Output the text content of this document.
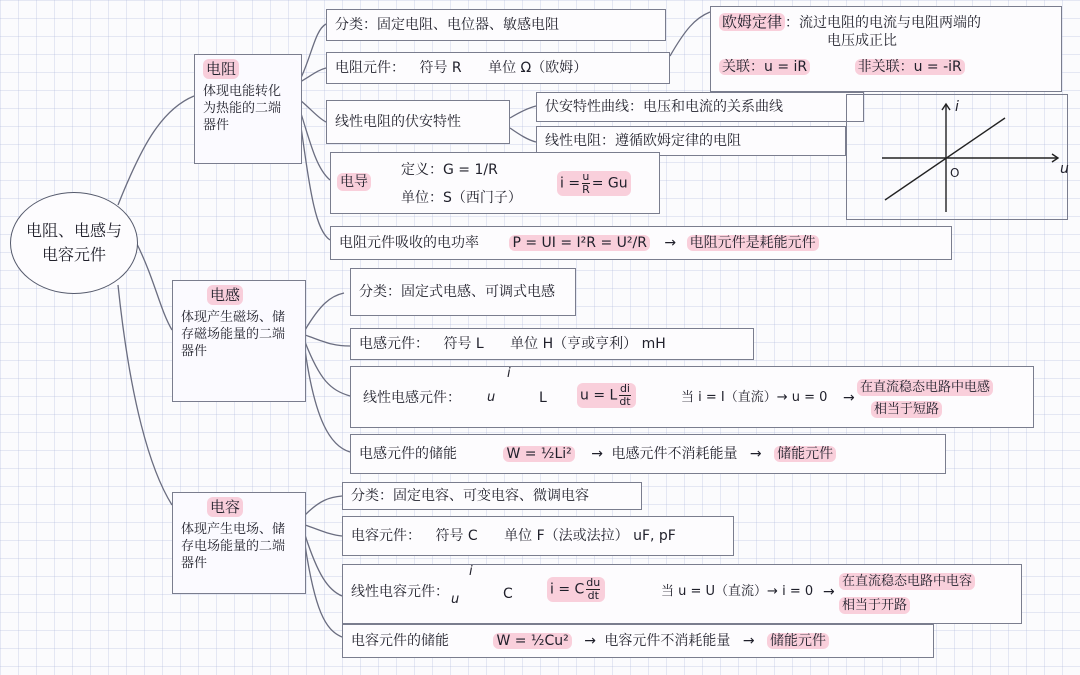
电阻、电感与
电容元件
电阻
体现电能转化为热能的二端器件
分类：固定电阻、电位器、敏感电阻
电阻元件： 符号 R 单位 Ω（欧姆）
欧姆定律 ：流过电阻的电流与电阻两端的
电压成正比
关联：u = iR	非关联：u = -iR
线性电阻的伏安特性
伏安特性曲线：电压和电流的关系曲线
线性电阻：遵循欧姆定律的电阻
i
u
O
电导
定义：G = 1/R
单位：S（西门子）
$i = \frac{u}{R} = Gu$
电阻元件吸收的电功率 P = UI = I²R = U²/R → 电阻元件是耗能元件
电感
体现产生磁场、储存磁场能量的二端器件
分类：固定式电感、可调式电感
电感元件： 符号 L 单位 H（亨或亨利） mH
线性电感元件：
i
u	L u = L $\frac{di}{dt}$	当 i = I（直流）→ u = 0 →
在直流稳态电路中电感
相当于短路
电感元件的储能	W = ½Li² → 电感元件不消耗能量 → 储能元件
电容
体现产生电场、储存电场能量的二端器件
分类：固定电容、可变电容、微调电容
电容元件： 符号 C 单位 F（法或法拉） uF, pF
线性电容元件：
i
u	C	i = C $\frac{du}{dt}$	当 u = U（直流）→ i = 0 →
在直流稳态电路中电容
相当于开路
电容元件的储能	W = ½Cu² → 电容元件不消耗能量 → 储能元件
